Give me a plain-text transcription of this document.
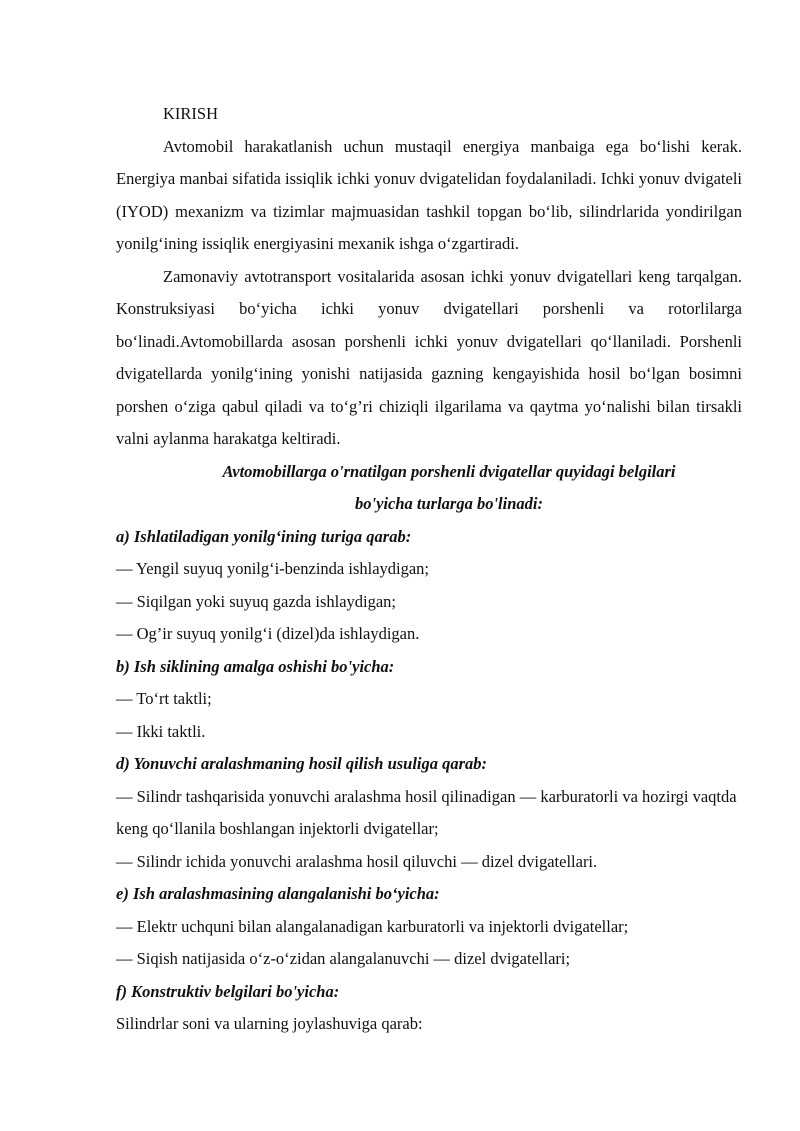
KIRISH

Avtomobil harakatlanish uchun mustaqil energiya manbaiga ega bo‘lishi kerak. Energiya manbai sifatida issiqlik ichki yonuv dvigatelidan foydalaniladi. Ichki yonuv dvigateli (IYOD) mexanizm va tizimlar majmuasidan tashkil topgan bo‘lib, silindrlarida yondirilgan yonilg‘ining issiqlik energiyasini mexanik ishga o‘zgartiradi.

Zamonaviy avtotransport vositalarida asosan ichki yonuv dvigatellari keng tarqalgan. Konstruksiyasi bo‘yicha ichki yonuv dvigatellari porshenli va rotorlilarga bo‘linadi.Avtomobillarda asosan porshenli ichki yonuv dvigatellari qo‘llaniladi. Porshenli dvigatellarda yonilg‘ining yonishi natijasida gazning kengayishida hosil bo‘lgan bosimni porshen o‘ziga qabul qiladi va to‘g’ri chiziqli ilgarilama va qaytma yo‘nalishi bilan tirsakli valni aylanma harakatga keltiradi.

Avtomobillarga o'rnatilgan porshenli dvigatellar quyidagi belgilari

bo'yicha turlarga bo'linadi:

a) Ishlatiladigan yonilg‘ining turiga qarab:

— Yengil suyuq yonilg‘i-benzinda ishlaydigan;

— Siqilgan yoki suyuq gazda ishlaydigan;

— Og’ir suyuq yonilg‘i (dizel)da ishlaydigan.

b) Ish siklining amalga oshishi bo'yicha:

— To‘rt taktli;

— Ikki taktli.

d) Yonuvchi aralashmaning hosil qilish usuliga qarab:

— Silindr tashqarisida yonuvchi aralashma hosil qilinadigan — karburatorli va hozirgi vaqtda keng qo‘llanila boshlangan injektorli dvigatellar;

— Silindr ichida yonuvchi aralashma hosil qiluvchi — dizel dvigatellari.

e) Ish aralashmasining alangalanishi bo‘yicha:

— Elektr uchquni bilan alangalanadigan karburatorli va injektorli dvigatellar;

— Siqish natijasida o‘z-o‘zidan alangalanuvchi — dizel dvigatellari;

f) Konstruktiv belgilari bo'yicha:

Silindrlar soni va ularning joylashuviga qarab:
